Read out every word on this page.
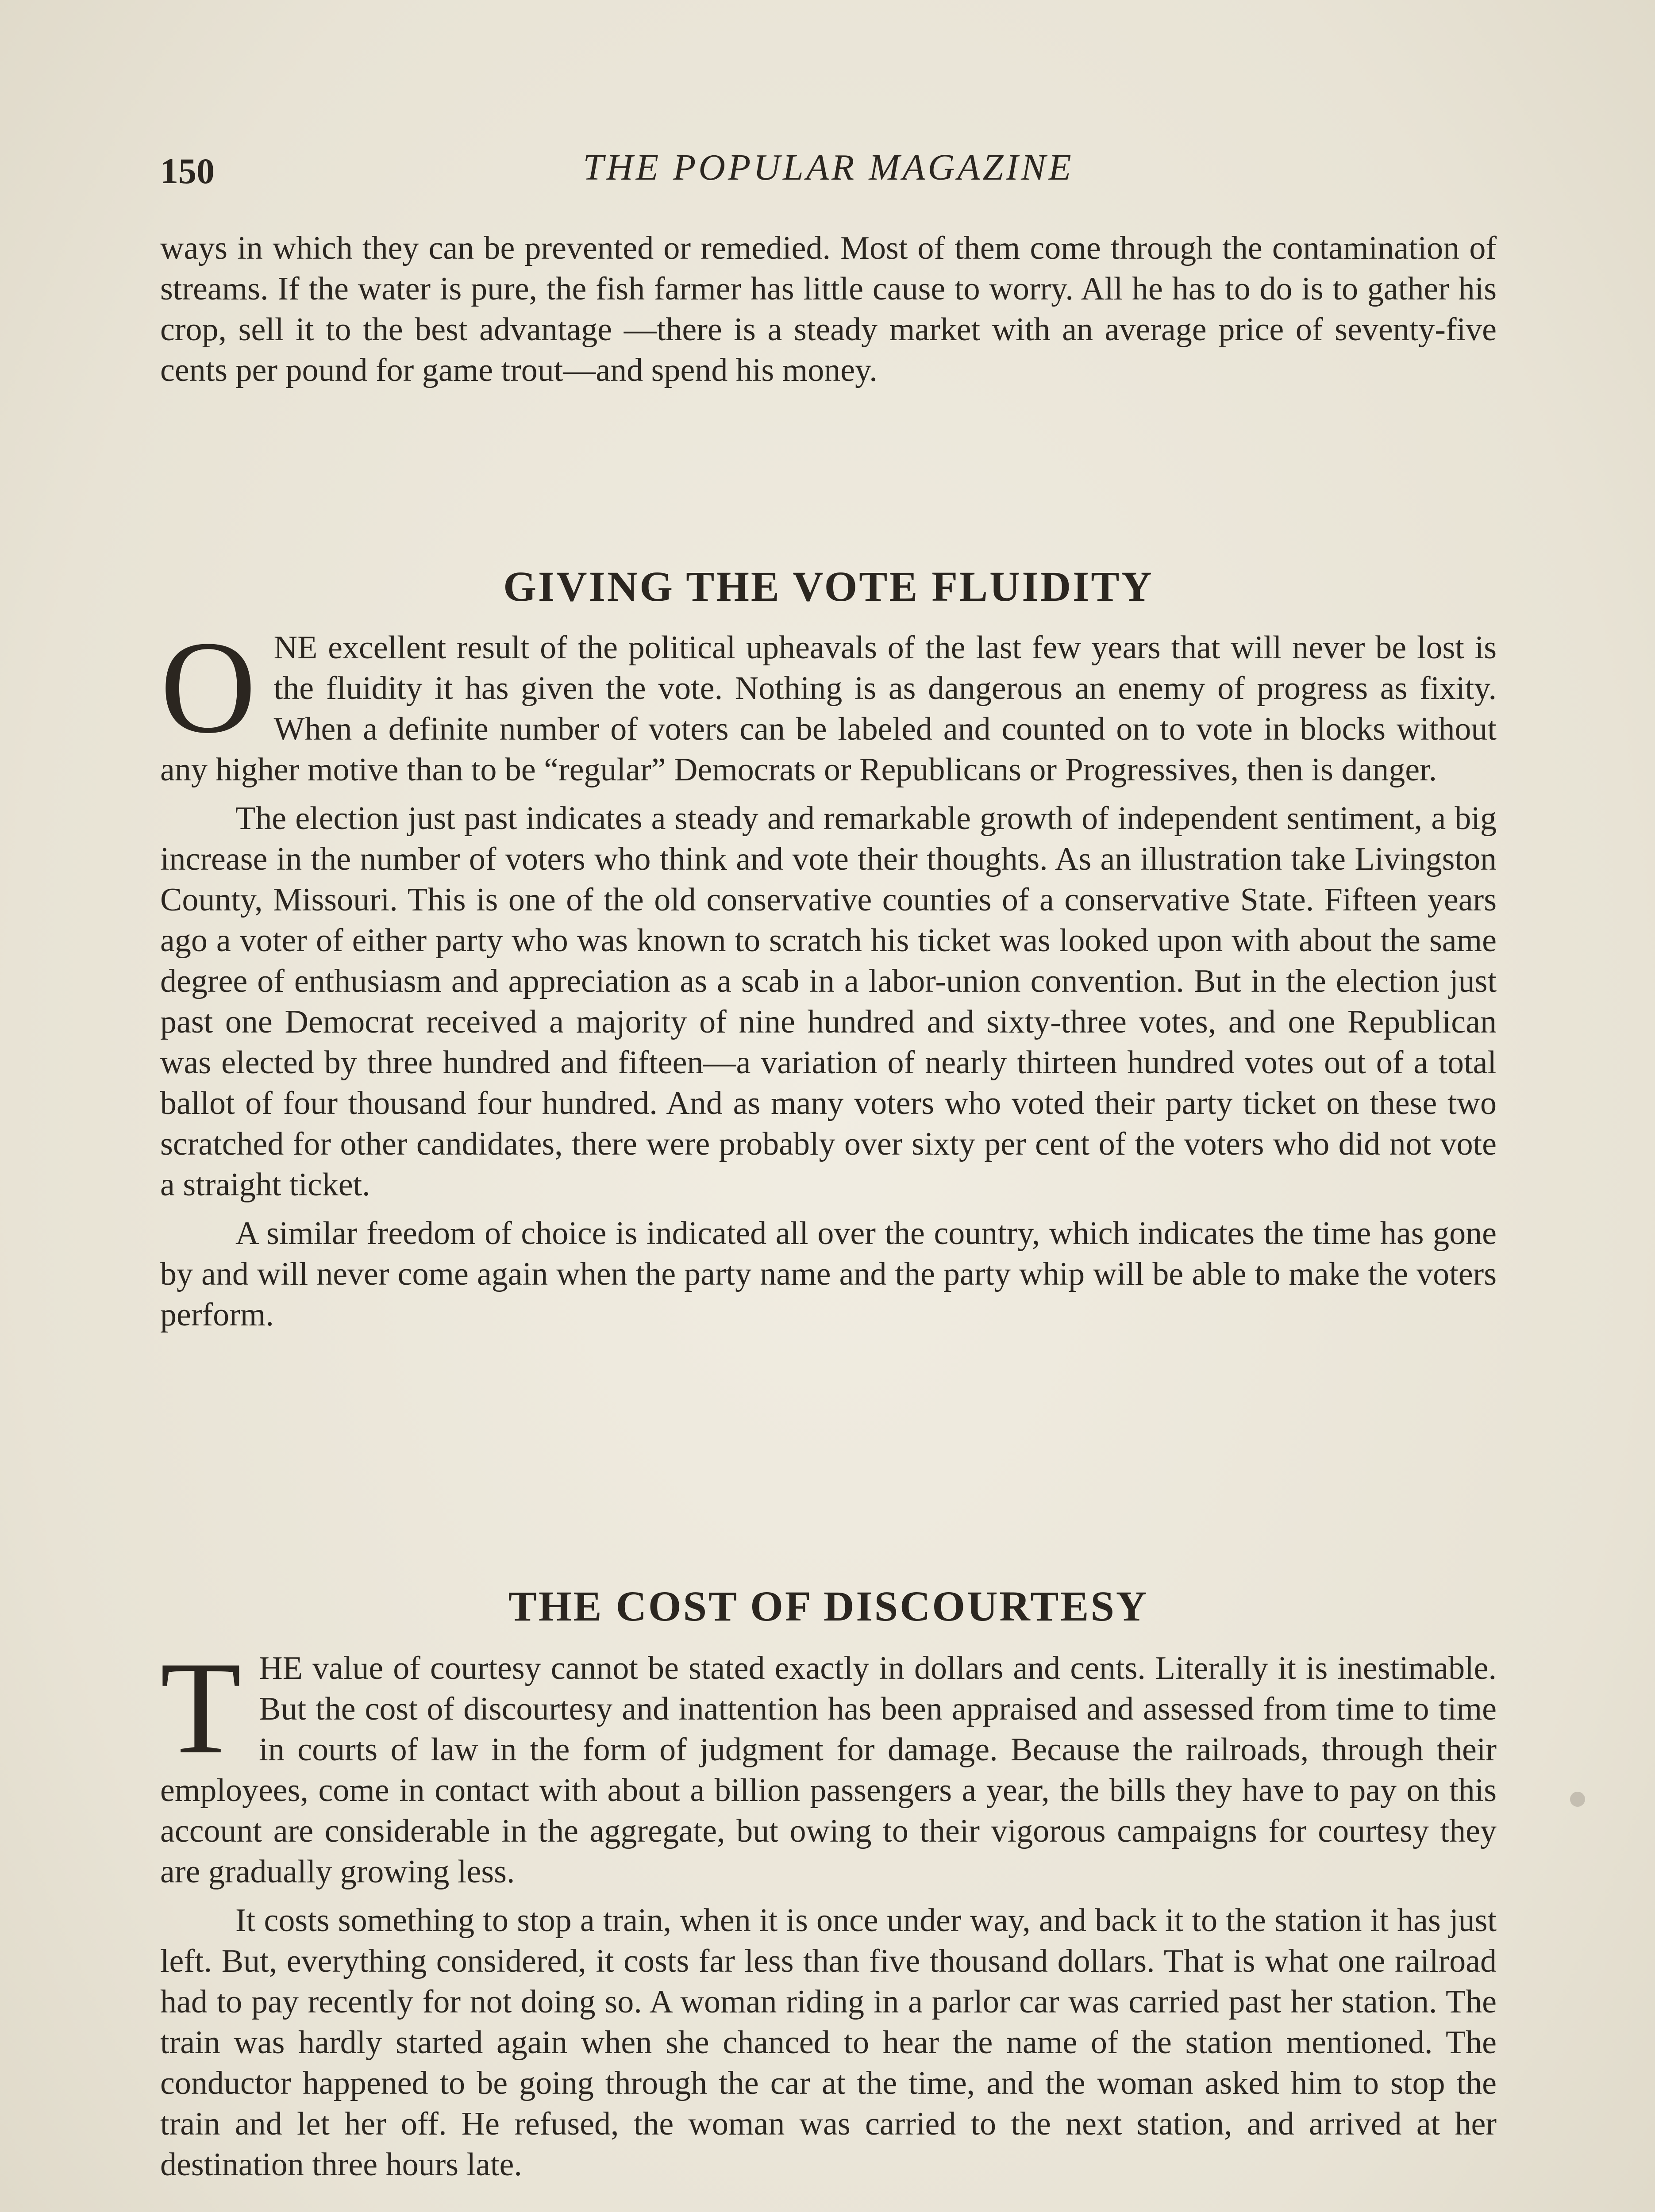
150	THE POPULAR MAGAZINE

ways in which they can be prevented or remedied. Most of them come through the contamination of streams. If the water is pure, the fish farmer has little cause to worry. All he has to do is to gather his crop, sell it to the best advantage —there is a steady market with an average price of seventy-five cents per pound for game trout—and spend his money.

GIVING THE VOTE FLUIDITY

ONE excellent result of the political upheavals of the last few years that will never be lost is the fluidity it has given the vote. Nothing is as dangerous an enemy of progress as fixity. When a definite number of voters can be labeled and counted on to vote in blocks without any higher motive than to be “regular” Democrats or Republicans or Progressives, then is danger.

The election just past indicates a steady and remarkable growth of independent sentiment, a big increase in the number of voters who think and vote their thoughts. As an illustration take Livingston County, Missouri. This is one of the old conservative counties of a conservative State. Fifteen years ago a voter of either party who was known to scratch his ticket was looked upon with about the same degree of enthusiasm and appreciation as a scab in a labor-union convention. But in the election just past one Democrat received a majority of nine hundred and sixty-three votes, and one Republican was elected by three hundred and fifteen—a variation of nearly thirteen hundred votes out of a total ballot of four thousand four hundred. And as many voters who voted their party ticket on these two scratched for other candidates, there were probably over sixty per cent of the voters who did not vote a straight ticket.

A similar freedom of choice is indicated all over the country, which indicates the time has gone by and will never come again when the party name and the party whip will be able to make the voters perform.

THE COST OF DISCOURTESY

THE value of courtesy cannot be stated exactly in dollars and cents. Literally it is inestimable. But the cost of discourtesy and inattention has been appraised and assessed from time to time in courts of law in the form of judgment for damage. Because the railroads, through their employees, come in contact with about a billion passengers a year, the bills they have to pay on this account are considerable in the aggregate, but owing to their vigorous campaigns for courtesy they are gradually growing less.

It costs something to stop a train, when it is once under way, and back it to the station it has just left. But, everything considered, it costs far less than five thousand dollars. That is what one railroad had to pay recently for not doing so. A woman riding in a parlor car was carried past her station. The train was hardly started again when she chanced to hear the name of the station mentioned. The conductor happened to be going through the car at the time, and the woman asked him to stop the train and let her off. He refused, the woman was carried to the next station, and arrived at her destination three hours late.
